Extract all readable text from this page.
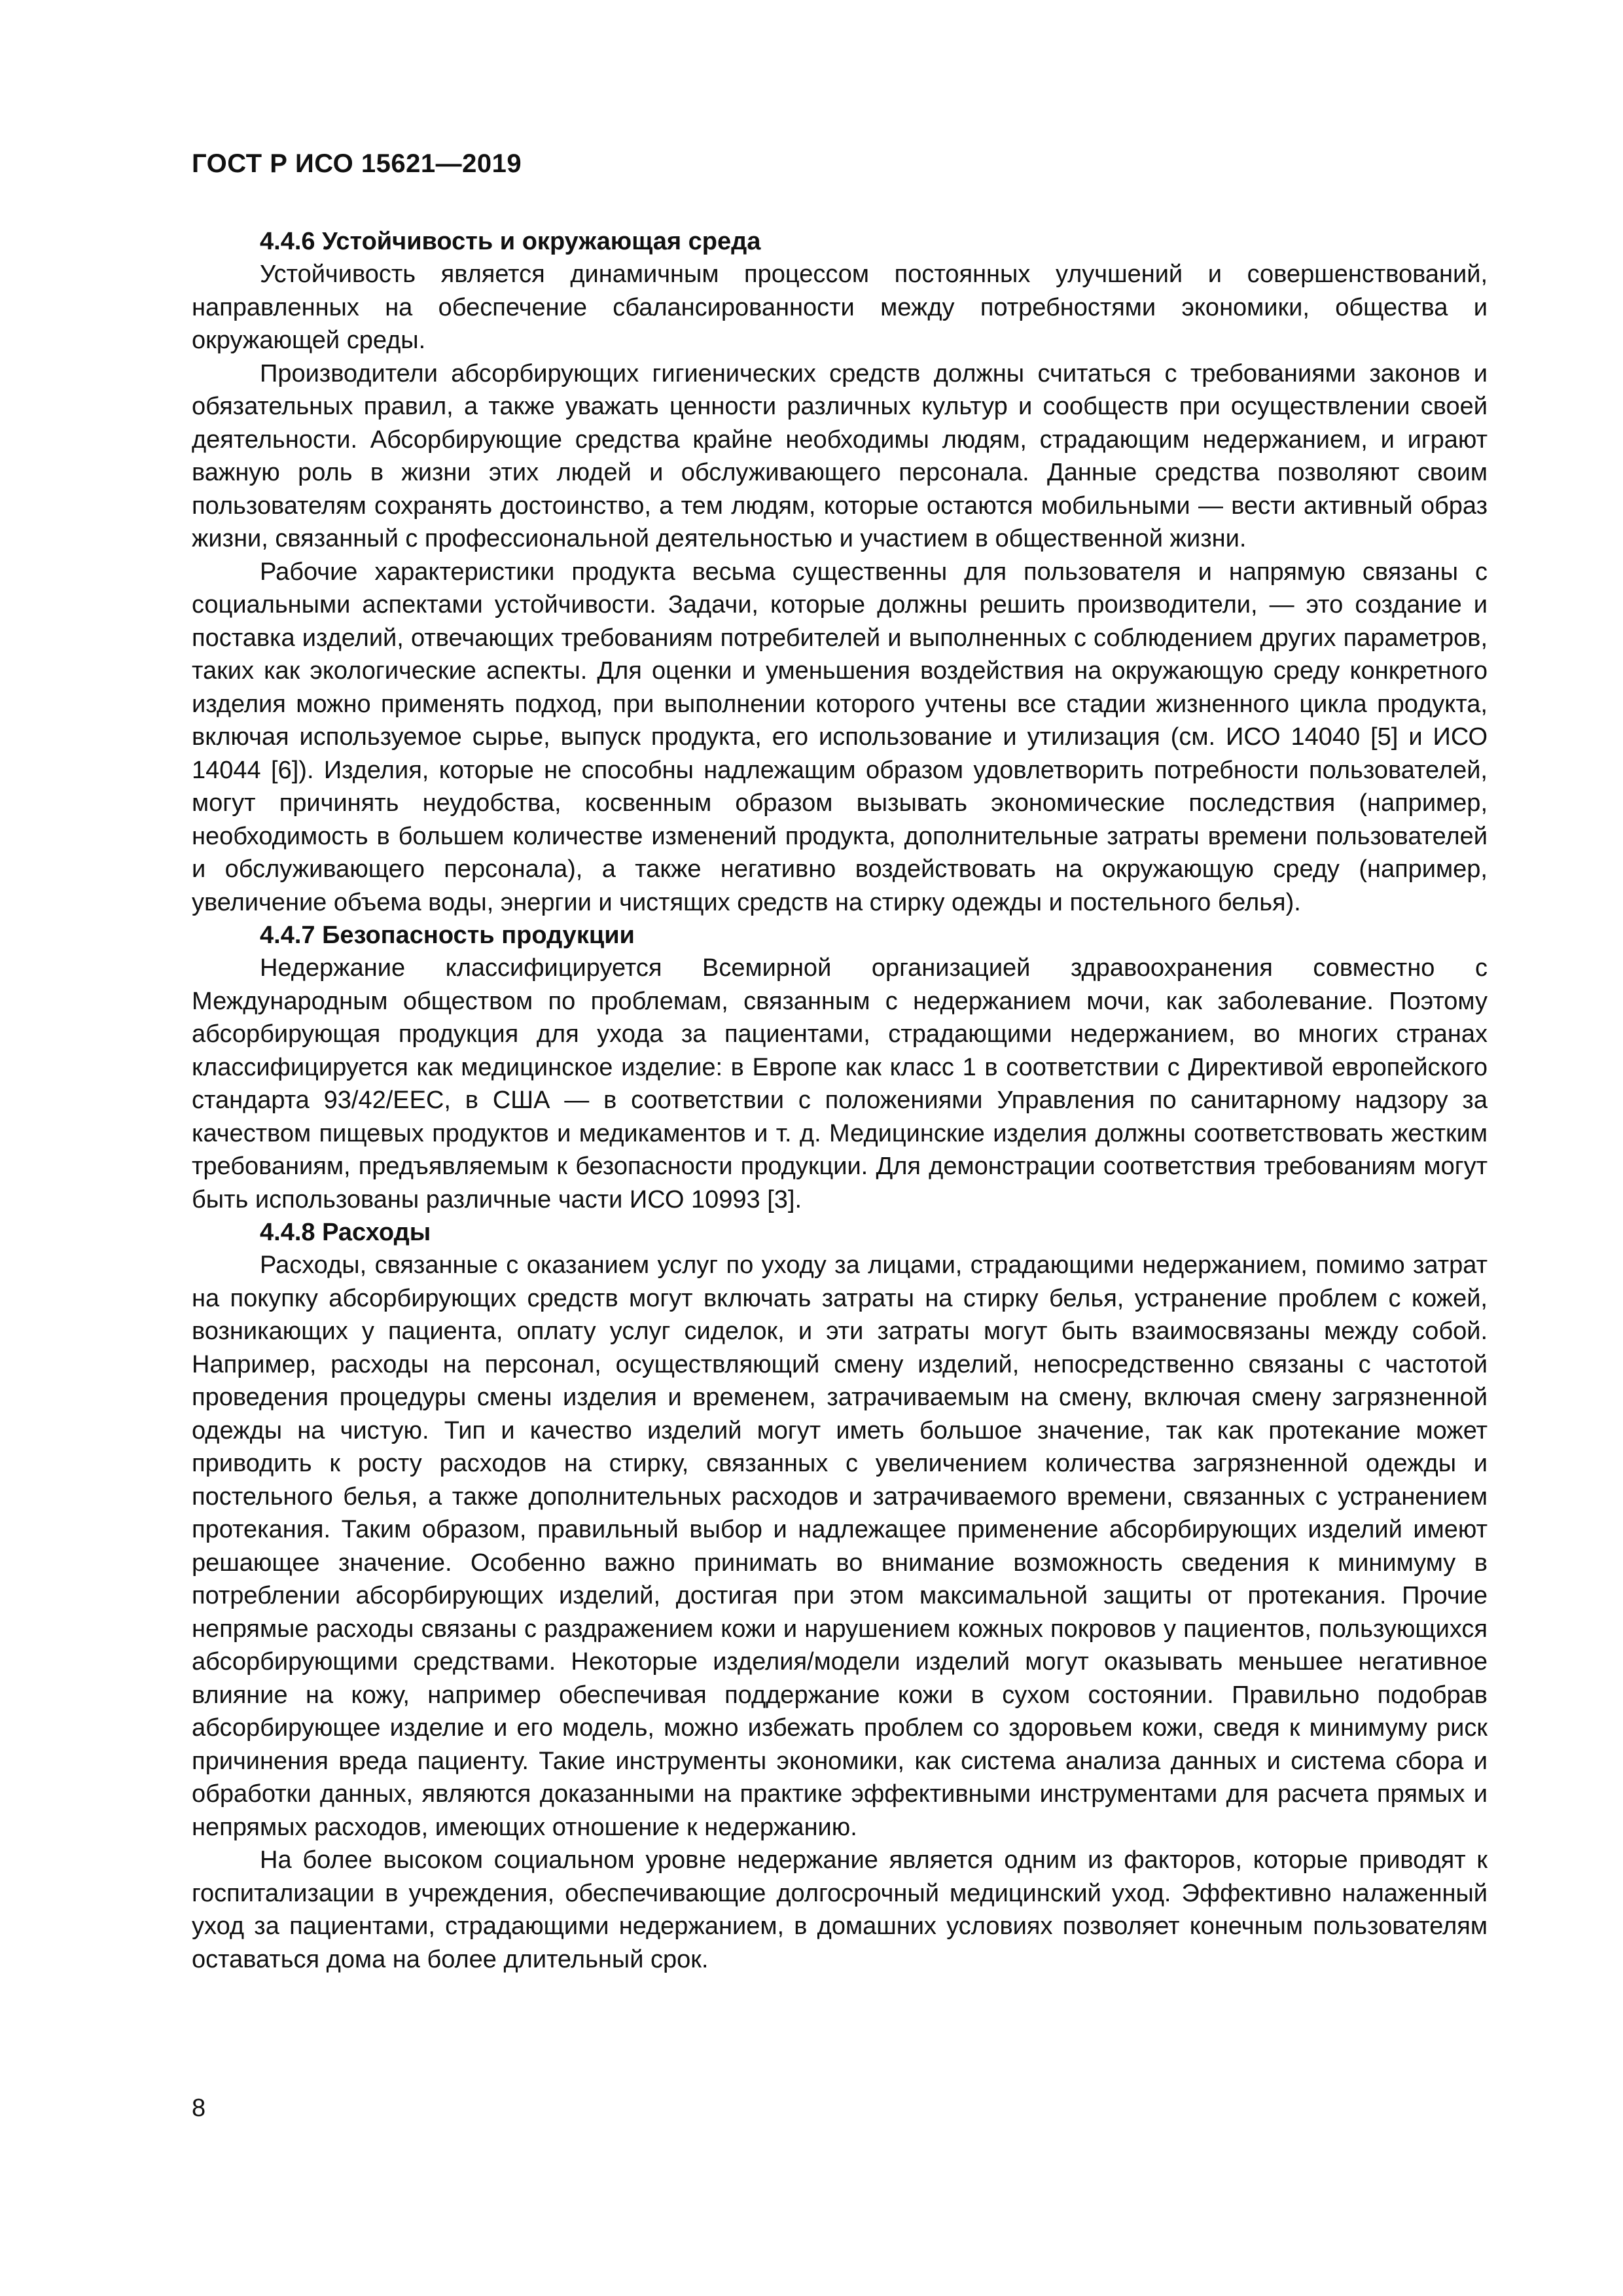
ГОСТ Р ИСО 15621—2019
4.4.6 Устойчивость и окружающая среда

Устойчивость является динамичным процессом постоянных улучшений и совершенствований, направленных на обеспечение сбалансированности между потребностями экономики, общества и окружающей среды.

Производители абсорбирующих гигиенических средств должны считаться с требованиями законов и обязательных правил, а также уважать ценности различных культур и сообществ при осуществлении своей деятельности. Абсорбирующие средства крайне необходимы людям, страдающим недержанием, и играют важную роль в жизни этих людей и обслуживающего персонала. Данные средства позволяют своим пользователям сохранять достоинство, а тем людям, которые остаются мобильными — вести активный образ жизни, связанный с профессиональной деятельностью и участием в общественной жизни.

Рабочие характеристики продукта весьма существенны для пользователя и напрямую связаны с социальными аспектами устойчивости. Задачи, которые должны решить производители, — это создание и поставка изделий, отвечающих требованиям потребителей и выполненных с соблюдением других параметров, таких как экологические аспекты. Для оценки и уменьшения воздействия на окружающую среду конкретного изделия можно применять подход, при выполнении которого учтены все стадии жизненного цикла продукта, включая используемое сырье, выпуск продукта, его использование и утилизация (см. ИСО 14040 [5] и ИСО 14044 [6]). Изделия, которые не способны надлежащим образом удовлетворить потребности пользователей, могут причинять неудобства, косвенным образом вызывать экономические последствия (например, необходимость в большем количестве изменений продукта, дополнительные затраты времени пользователей и обслуживающего персонала), а также негативно воздействовать на окружающую среду (например, увеличение объема воды, энергии и чистящих средств на стирку одежды и постельного белья).

4.4.7 Безопасность продукции

Недержание классифицируется Всемирной организацией здравоохранения совместно с Международным обществом по проблемам, связанным с недержанием мочи, как заболевание. Поэтому абсорбирующая продукция для ухода за пациентами, страдающими недержанием, во многих странах классифицируется как медицинское изделие: в Европе как класс 1 в соответствии с Директивой европейского стандарта 93/42/EEC, в США — в соответствии с положениями Управления по санитарному надзору за качеством пищевых продуктов и медикаментов и т. д. Медицинские изделия должны соответствовать жестким требованиям, предъявляемым к безопасности продукции. Для демонстрации соответствия требованиям могут быть использованы различные части ИСО 10993 [3].

4.4.8 Расходы

Расходы, связанные с оказанием услуг по уходу за лицами, страдающими недержанием, помимо затрат на покупку абсорбирующих средств могут включать затраты на стирку белья, устранение проблем с кожей, возникающих у пациента, оплату услуг сиделок, и эти затраты могут быть взаимосвязаны между собой. Например, расходы на персонал, осуществляющий смену изделий, непосредственно связаны с частотой проведения процедуры смены изделия и временем, затрачиваемым на смену, включая смену загрязненной одежды на чистую. Тип и качество изделий могут иметь большое значение, так как протекание может приводить к росту расходов на стирку, связанных с увеличением количества загрязненной одежды и постельного белья, а также дополнительных расходов и затрачиваемого времени, связанных с устранением протекания. Таким образом, правильный выбор и надлежащее применение абсорбирующих изделий имеют решающее значение. Особенно важно принимать во внимание возможность сведения к минимуму в потреблении абсорбирующих изделий, достигая при этом максимальной защиты от протекания. Прочие непрямые расходы связаны с раздражением кожи и нарушением кожных покровов у пациентов, пользующихся абсорбирующими средствами. Некоторые изделия/модели изделий могут оказывать меньшее негативное влияние на кожу, например обеспечивая поддержание кожи в сухом состоянии. Правильно подобрав абсорбирующее изделие и его модель, можно избежать проблем со здоровьем кожи, сведя к минимуму риск причинения вреда пациенту. Такие инструменты экономики, как система анализа данных и система сбора и обработки данных, являются доказанными на практике эффективными инструментами для расчета прямых и непрямых расходов, имеющих отношение к недержанию.

На более высоком социальном уровне недержание является одним из факторов, которые приводят к госпитализации в учреждения, обеспечивающие долгосрочный медицинский уход. Эффективно налаженный уход за пациентами, страдающими недержанием, в домашних условиях позволяет конечным пользователям оставаться дома на более длительный срок.

8
